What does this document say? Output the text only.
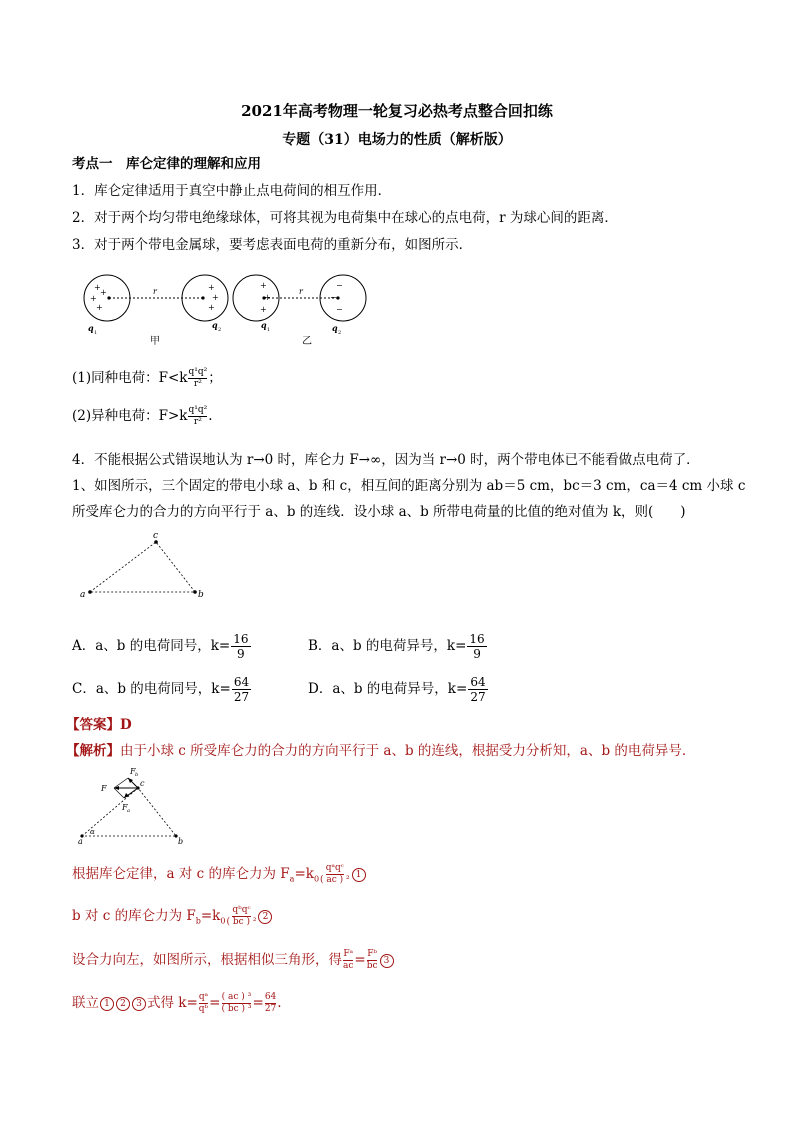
2021年高考物理一轮复习必热考点整合回扣练
专题（31）电场力的性质（解析版）
考点一　库仑定律的理解和应用
1．库仑定律适用于真空中静止点电荷间的相互作用．
2．对于两个均匀带电绝缘球体，可将其视为电荷集中在球心的点电荷，r 为球心间的距离．
3．对于两个带电金属球，要考虑表面电荷的重新分布，如图所示．
+
+
+
+
+
+
+
r
q 1
q 2
甲
+
+
+
−
−
−
r
q 1	q 2
乙
(1)同种电荷：$F<k \frac{\text{q¹q²}}{\text{r²}}$ ；
(2)异种电荷：$F>k \frac{\text{q¹q²}}{\text{r²}}$ .
4．不能根据公式错误地认为 r→0 时，库仑力 F→∞，因为当 r→0 时，两个带电体已不能看做点电荷了．
1、如图所示，三个固定的带电小球 a、b 和 c，相互间的距离分别为 ab＝5 cm，bc＝3 cm，ca＝4 cm 小球 c
所受库仑力的合力的方向平行于 a、b 的连线．设小球 a、b 所带电荷量的比值的绝对值为 k，则(　　)
a
c
b
A．a、b 的电荷同号，$k= \frac{16}{9}$	B．a、b 的电荷异号，$k= \frac{16}{9}$
C．a、b 的电荷同号，$k= \frac{64}{27}$	D．a、b 的电荷异号，$k= \frac{64}{27}$
【答案】D
【解析】由于小球 c 所受库仑力的合力的方向平行于 a、b 的连线，根据受力分析知，a、b 的电荷异号．
F b
F
F a
c
a	b
α
根据库仑定律，a 对 c 的库仑力为 $F_a=k_0 \frac{\text{qᵃqᶜ}}{\text{( ac ) ²}} 1$
b 对 c 的库仑力为 $F_b=k_0 \frac{\text{qᵇqᶜ}}{\text{( bc ) ²}} 2$
设合力向左，如图所示，根据相似三角形，得 $\frac{\text{Fᵃ}}{ac} = \frac{\text{Fᵇ}}{bc} 3$
联立 1 2 3 式得 $k= \frac{\text{qᵃ}}{\text{qᵇ}} = \frac{\text{( ac ) ³}}{\text{( bc ) ³}} = \frac{64}{27}$ .
